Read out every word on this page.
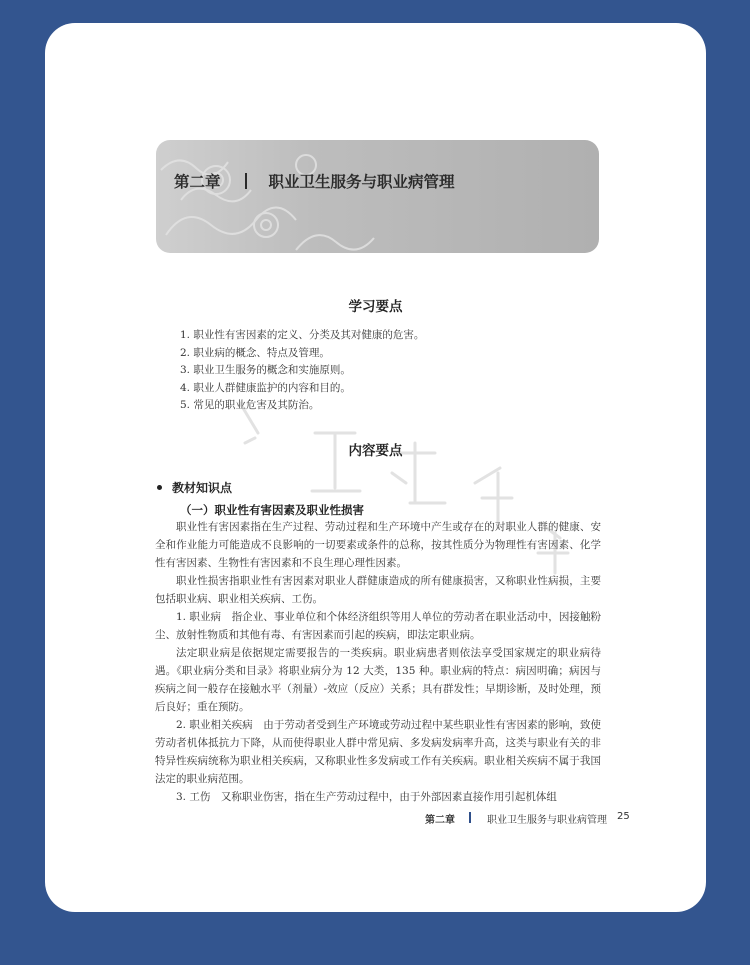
第二章	职业卫生服务与职业病管理
学习要点
1. 职业性有害因素的定义、分类及其对健康的危害。
2. 职业病的概念、特点及管理。
3. 职业卫生服务的概念和实施原则。
4. 职业人群健康监护的内容和目的。
5. 常见的职业危害及其防治。
内容要点
教材知识点
（一）职业性有害因素及职业性损害

职业性有害因素指在生产过程、劳动过程和生产环境中产生或存在的对职业人群的健康、安全和作业能力可能造成不良影响的一切要素或条件的总称，按其性质分为物理性有害因素、化学性有害因素、生物性有害因素和不良生理心理性因素。

职业性损害指职业性有害因素对职业人群健康造成的所有健康损害，又称职业性病损，主要包括职业病、职业相关疾病、工伤。

1. 职业病　指企业、事业单位和个体经济组织等用人单位的劳动者在职业活动中，因接触粉尘、放射性物质和其他有毒、有害因素而引起的疾病，即法定职业病。

法定职业病是依据规定需要报告的一类疾病。职业病患者则依法享受国家规定的职业病待遇。《职业病分类和目录》将职业病分为 12 大类，135 种。职业病的特点：病因明确；病因与疾病之间一般存在接触水平（剂量）-效应（反应）关系；具有群发性；早期诊断，及时处理，预后良好；重在预防。

2. 职业相关疾病　由于劳动者受到生产环境或劳动过程中某些职业性有害因素的影响，致使劳动者机体抵抗力下降，从而使得职业人群中常见病、多发病发病率升高，这类与职业有关的非特异性疾病统称为职业相关疾病，又称职业性多发病或工作有关疾病。职业相关疾病不属于我国法定的职业病范围。

3. 工伤　又称职业伤害，指在生产劳动过程中，由于外部因素直接作用引起机体组

第二章	职业卫生服务与职业病管理 25
